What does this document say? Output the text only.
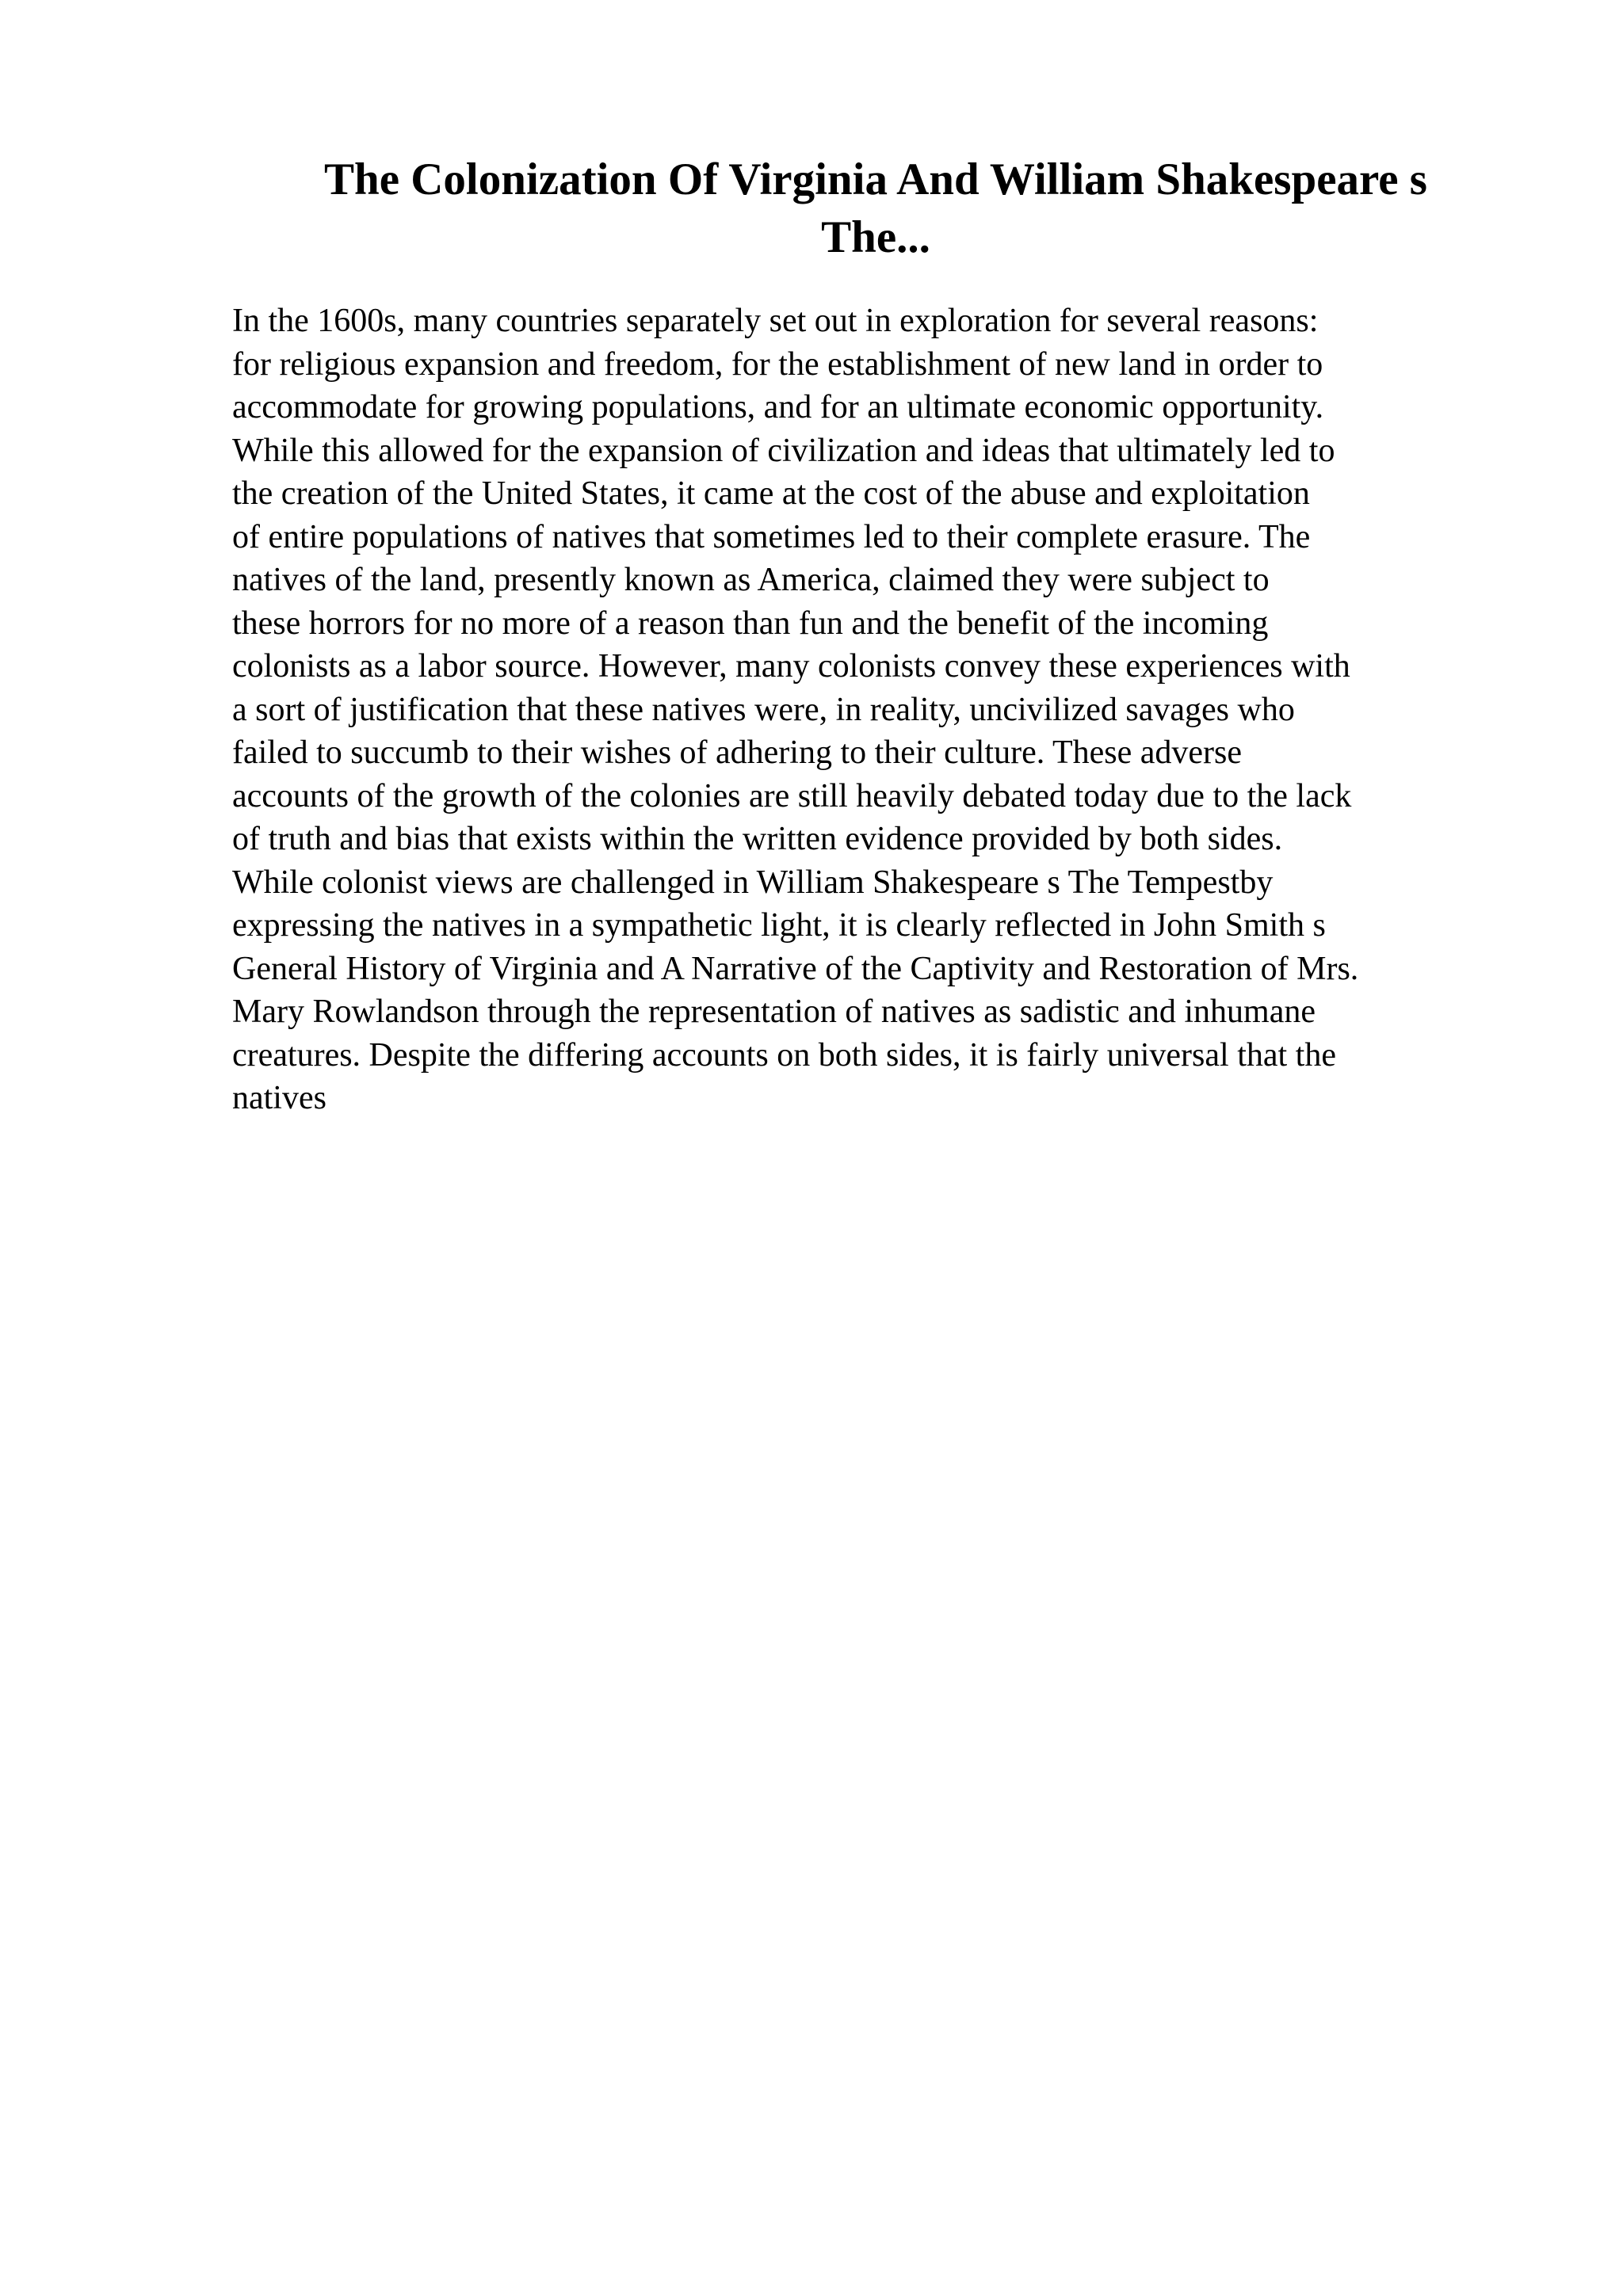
The Colonization Of Virginia And William Shakespeare s
The...
In the 1600s, many countries separately set out in exploration for several reasons:
for religious expansion and freedom, for the establishment of new land in order to
accommodate for growing populations, and for an ultimate economic opportunity.
While this allowed for the expansion of civilization and ideas that ultimately led to
the creation of the United States, it came at the cost of the abuse and exploitation
of entire populations of natives that sometimes led to their complete erasure. The
natives of the land, presently known as America, claimed they were subject to
these horrors for no more of a reason than fun and the benefit of the incoming
colonists as a labor source. However, many colonists convey these experiences with
a sort of justification that these natives were, in reality, uncivilized savages who
failed to succumb to their wishes of adhering to their culture. These adverse
accounts of the growth of the colonies are still heavily debated today due to the lack
of truth and bias that exists within the written evidence provided by both sides.
While colonist views are challenged in William Shakespeare s The Tempestby
expressing the natives in a sympathetic light, it is clearly reflected in John Smith s
General History of Virginia and A Narrative of the Captivity and Restoration of Mrs.
Mary Rowlandson through the representation of natives as sadistic and inhumane
creatures. Despite the differing accounts on both sides, it is fairly universal that the
natives
